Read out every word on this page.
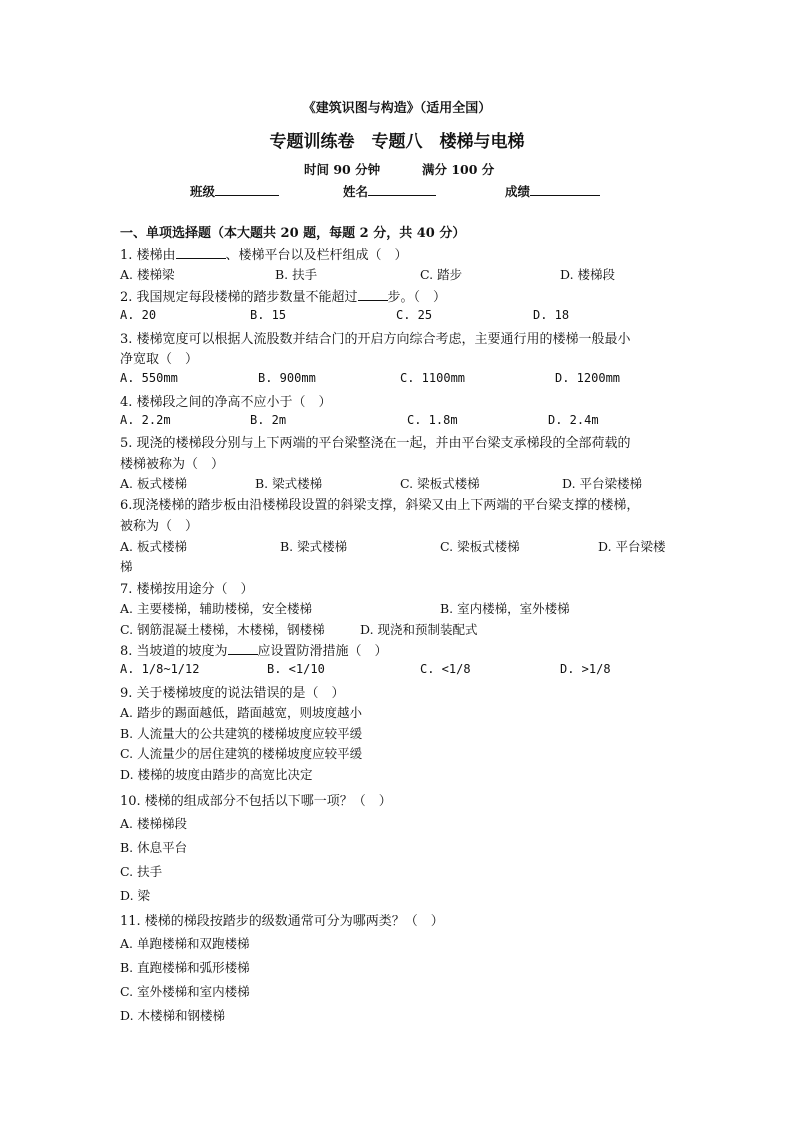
《建筑识图与构造》（适用全国）
专题训练卷　专题八　楼梯与电梯
时间 90 分钟	满分 100 分
班级	姓名	成绩
一、单项选择题（本大题共 20 题，每题 2 分，共 40 分）
1. 楼梯由	、楼梯平台以及栏杆组成（　）
A. 楼梯梁	B. 扶手	C. 踏步	D. 楼梯段
2. 我国规定每段楼梯的踏步数量不能超过 步。（　）
A. 20	B. 15	C. 25	D. 18
3. 楼梯宽度可以根据人流股数并结合门的开启方向综合考虑，主要通行用的楼梯一般最小
净宽取（　）
A. 550mm	B. 900mm	C. 1100mm	D. 1200mm
4. 楼梯段之间的净高不应小于（　）
A. 2.2m	B. 2m	C. 1.8m	D. 2.4m
5. 现浇的楼梯段分别与上下两端的平台梁整浇在一起，并由平台梁支承梯段的全部荷载的
楼梯被称为（　）
A. 板式楼梯	B. 梁式楼梯	C. 梁板式楼梯	D. 平台梁楼梯
6.现浇楼梯的踏步板由沿楼梯段设置的斜梁支撑，斜梁又由上下两端的平台梁支撑的楼梯，
被称为（　）
A. 板式楼梯	B. 梁式楼梯	C. 梁板式楼梯	D. 平台梁楼
梯
7. 楼梯按用途分（　）
A. 主要楼梯，辅助楼梯，安全楼梯	B. 室内楼梯，室外楼梯
C. 钢筋混凝土楼梯，木楼梯，钢楼梯	D. 现浇和预制装配式
8. 当坡道的坡度为 应设置防滑措施（　）
A. 1/8~1/12	B. <1/10	C. <1/8	D. >1/8
9. 关于楼梯坡度的说法错误的是（　）
A. 踏步的踢面越低，踏面越宽，则坡度越小
B. 人流量大的公共建筑的楼梯坡度应较平缓
C. 人流量少的居住建筑的楼梯坡度应较平缓
D. 楼梯的坡度由踏步的高宽比决定
10. 楼梯的组成部分不包括以下哪一项？（　）
A. 楼梯梯段
B. 休息平台
C. 扶手
D. 梁
11. 楼梯的梯段按踏步的级数通常可分为哪两类？（　）
A. 单跑楼梯和双跑楼梯
B. 直跑楼梯和弧形楼梯
C. 室外楼梯和室内楼梯
D. 木楼梯和钢楼梯
